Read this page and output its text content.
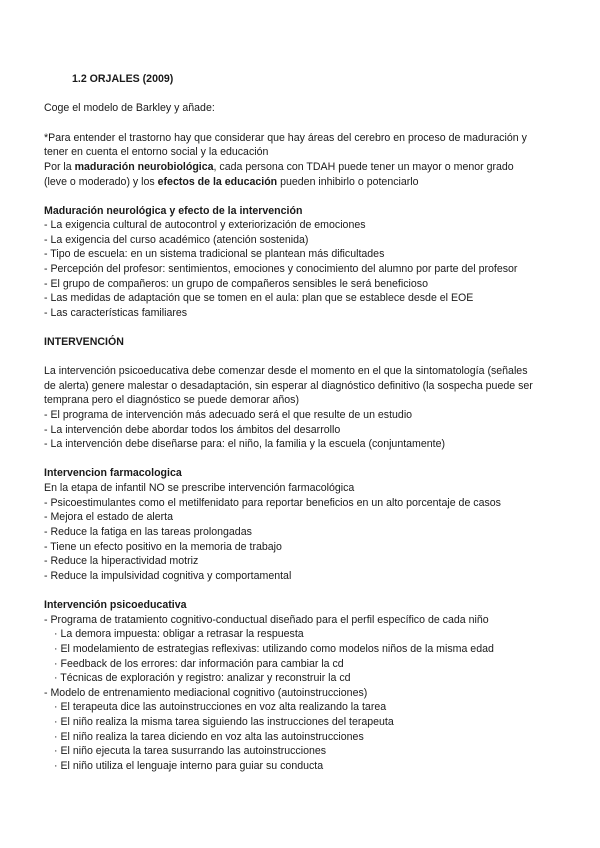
1.2 ORJALES (2009)
Coge el modelo de Barkley y añade:
*Para entender el trastorno hay que considerar que hay áreas del cerebro en proceso de maduración y
tener en cuenta el entorno social y la educación
Por la maduración neurobiológica, cada persona con TDAH puede tener un mayor o menor grado
(leve o moderado) y los efectos de la educación pueden inhibirlo o potenciarlo
Maduración neurológica y efecto de la intervención
- La exigencia cultural de autocontrol y exteriorización de emociones
- La exigencia del curso académico (atención sostenida)
- Tipo de escuela: en un sistema tradicional se plantean más dificultades
- Percepción del profesor: sentimientos, emociones y conocimiento del alumno por parte del profesor
- El grupo de compañeros: un grupo de compañeros sensibles le será beneficioso
- Las medidas de adaptación que se tomen en el aula: plan que se establece desde el EOE
- Las características familiares
INTERVENCIÓN
La intervención psicoeducativa debe comenzar desde el momento en el que la sintomatología (señales
de alerta) genere malestar o desadaptación, sin esperar al diagnóstico definitivo (la sospecha puede ser
temprana pero el diagnóstico se puede demorar años)
- El programa de intervención más adecuado será el que resulte de un estudio
- La intervención debe abordar todos los ámbitos del desarrollo
- La intervención debe diseñarse para: el niño, la familia y la escuela (conjuntamente)
Intervencion farmacologica
En la etapa de infantil NO se prescribe intervención farmacológica
- Psicoestimulantes como el metilfenidato para reportar beneficios en un alto porcentaje de casos
- Mejora el estado de alerta
- Reduce la fatiga en las tareas prolongadas
- Tiene un efecto positivo en la memoria de trabajo
- Reduce la hiperactividad motriz
- Reduce la impulsividad cognitiva y comportamental
Intervención psicoeducativa
- Programa de tratamiento cognitivo-conductual diseñado para el perfil específico de cada niño
· La demora impuesta: obligar a retrasar la respuesta
· El modelamiento de estrategias reflexivas: utilizando como modelos niños de la misma edad
· Feedback de los errores: dar información para cambiar la cd
· Técnicas de exploración y registro: analizar y reconstruir la cd
- Modelo de entrenamiento mediacional cognitivo (autoinstrucciones)
· El terapeuta dice las autoinstrucciones en voz alta realizando la tarea
· El niño realiza la misma tarea siguiendo las instrucciones del terapeuta
· El niño realiza la tarea diciendo en voz alta las autoinstrucciones
· El niño ejecuta la tarea susurrando las autoinstrucciones
· El niño utiliza el lenguaje interno para guiar su conducta
